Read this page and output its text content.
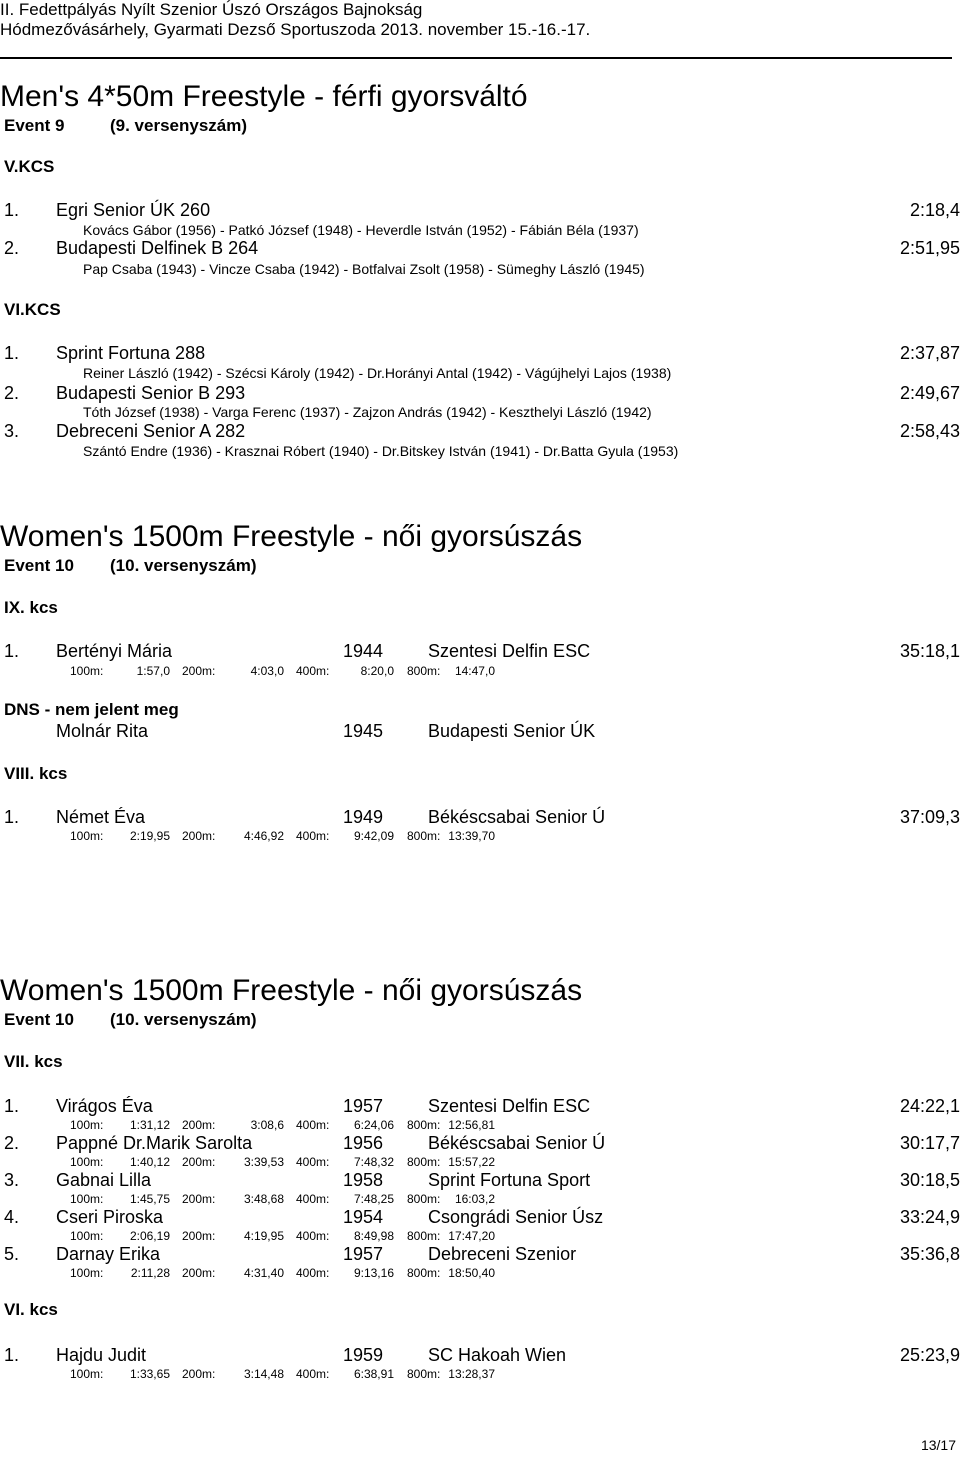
II. Fedettpályás Nyílt Szenior Úszó Országos Bajnokság
Hódmezővásárhely, Gyarmati Dezső Sportuszoda 2013. november 15.-16.-17.
Men's 4*50m Freestyle - férfi gyorsváltó
Event 9	(9. versenyszám)
V.KCS
1. Egri Senior ÚK 260	2:18,4
Kovács Gábor (1956) - Patkó József (1948) - Heverdle István (1952) - Fábián Béla (1937)
2. Budapesti Delfinek B 264	2:51,95
Pap Csaba (1943) - Vincze Csaba (1942) - Botfalvai Zsolt (1958) - Sümeghy László (1945)
VI.KCS
1. Sprint Fortuna 288	2:37,87
Reiner László (1942) - Szécsi Károly (1942) - Dr.Horányi Antal (1942) - Vágújhelyi Lajos (1938)
2. Budapesti Senior B 293	2:49,67
Tóth József (1938) - Varga Ferenc (1937) - Zajzon András (1942) - Keszthelyi László (1942)
3. Debreceni Senior A 282	2:58,43
Szántó Endre (1936) - Krasznai Róbert (1940) - Dr.Bitskey István (1941) - Dr.Batta Gyula (1953)
Women's 1500m Freestyle - női gyorsúszás
Event 10 (10. versenyszám)
IX. kcs
1. Bertényi Mária	1944 Szentesi Delfin ESC	35:18,1
100m:	1:57,0 200m:	4:03,0 400m:	8:20,0 800m:	14:47,0
DNS - nem jelent meg
Molnár Rita	1945 Budapesti Senior ÚK
VIII. kcs
1. Német Éva	1949 Békéscsabai Senior Ú	37:09,3
100m:	2:19,95 200m:	4:46,92 400m:	9:42,09 800m: 13:39,70
Women's 1500m Freestyle - női gyorsúszás
Event 10 (10. versenyszám)
VII. kcs
1. Virágos Éva	1957 Szentesi Delfin ESC	24:22,1
100m:	1:31,12 200m:	3:08,6 400m:	6:24,06 800m: 12:56,81
2. Pappné Dr.Marik Sarolta	1956 Békéscsabai Senior Ú	30:17,7
100m:	1:40,12 200m:	3:39,53 400m:	7:48,32 800m: 15:57,22
3. Gabnai Lilla	1958 Sprint Fortuna Sport	30:18,5
100m:	1:45,75 200m:	3:48,68 400m:	7:48,25 800m:	16:03,2
4. Cseri Piroska	1954 Csongrádi Senior Úsz	33:24,9
100m:	2:06,19 200m:	4:19,95 400m:	8:49,98 800m: 17:47,20
5. Darnay Erika	1957 Debreceni Szenior	35:36,8
100m:	2:11,28 200m:	4:31,40 400m:	9:13,16 800m: 18:50,40
VI. kcs
1. Hajdu Judit	1959 SC Hakoah Wien	25:23,9
100m:	1:33,65 200m:	3:14,48 400m:	6:38,91 800m: 13:28,37
13/17
